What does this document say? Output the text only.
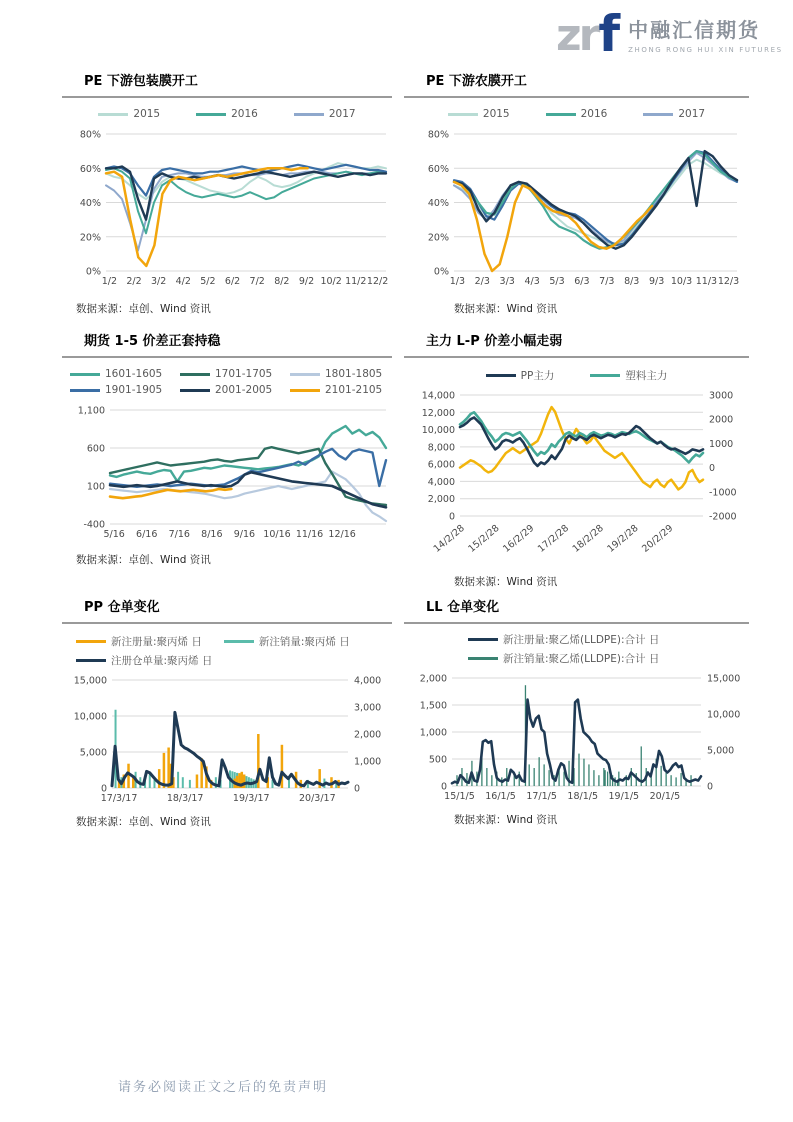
zr f 中融汇信期货
ZHONG RONG HUI XIN FUTURES
PE 下游包装膜开工
2015	2016	2017
0%
20%
40%
60%
80%
1/2 2/2 3/2 4/2 5/2 6/2 7/2 8/2 9/2 10/2 11/2 12/2
数据来源：卓创、Wind 资讯
PE 下游农膜开工
2015	2016	2017
0%
20%
40%
60%
80%
1/3 2/3 3/3 4/3 5/3 6/3 7/3 8/3 9/3 10/3 11/3 12/3
数据来源：Wind 资讯
期货 1-5 价差正套持稳
1601-1605	1701-1705	1801-1805
1901-1905	2001-2005	2101-2105
-400
100
600
1,100
5/16 6/16 7/16 8/16 9/16 10/16 11/16 12/16
数据来源：卓创、Wind 资讯
主力 L-P 价差小幅走弱
PP主力	塑料主力
0
2,000
4,000
6,000
8,000
10,000
12,000
14,000
-2000
-1000
0
1000
2000
3000
14/2/28 15/2/28 16/2/29 17/2/28 18/2/28 19/2/28 20/2/29
数据来源：Wind 资讯
PP 仓单变化
新注册量:聚丙烯 日	新注销量:聚丙烯 日
注册仓单量:聚丙烯 日
0
5,000
10,000
15,000
0
1,000
2,000
3,000
4,000
17/3/17	18/3/17	19/3/17	20/3/17
数据来源：卓创、Wind 资讯
LL 仓单变化
新注册量:聚乙烯(LLDPE):合计 日
新注销量:聚乙烯(LLDPE):合计 日
0
500
1,000
1,500
2,000
0
5,000
10,000
15,000
15/1/5 16/1/5 17/1/5 18/1/5 19/1/5 20/1/5
数据来源：Wind 资讯
请务必阅读正文之后的免责声明
